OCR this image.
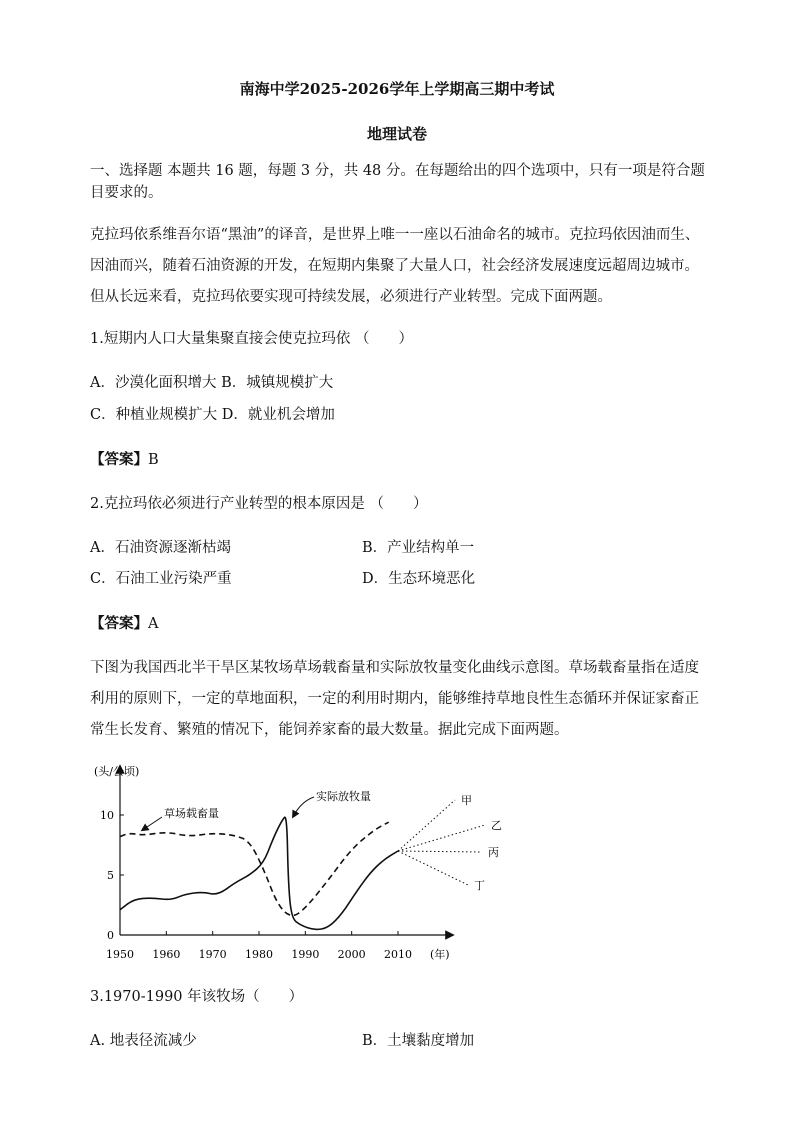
南海中学2025-2026学年上学期高三期中考试
地理试卷
一、选择题 本题共 16 题，每题 3 分，共 48 分。在每题给出的四个选项中，只有一项是符合题目要求的。
克拉玛依系维吾尔语“黑油”的译音，是世界上唯一一座以石油命名的城市。克拉玛依因油而生、因油而兴，随着石油资源的开发，在短期内集聚了大量人口，社会经济发展速度远超周边城市。但从长远来看，克拉玛依要实现可持续发展，必须进行产业转型。完成下面两题。
1.短期内人口大量集聚直接会使克拉玛依 （　　）
A．沙漠化面积增大 B．城镇规模扩大
C．种植业规模扩大 D．就业机会增加
【答案】B
2.克拉玛依必须进行产业转型的根本原因是 （　　）
A．石油资源逐渐枯竭	B．产业结构单一
C．石油工业污染严重	D．生态环境恶化
【答案】A
下图为我国西北半干旱区某牧场草场载畜量和实际放牧量变化曲线示意图。草场载畜量指在适度利用的原则下，一定的草地面积，一定的利用时期内，能够维持草地良性生态循环并保证家畜正常生长发育、繁殖的情况下，能饲养家畜的最大数量。据此完成下面两题。
(头/公顷)
(年)
1950 1960 1970 1980 1990 2000 2010
0
5
10	草场载畜量
实际放牧量	甲
乙
丙
丁
3.1970-1990 年该牧场（　　）
A. 地表径流减少	B．土壤黏度增加
